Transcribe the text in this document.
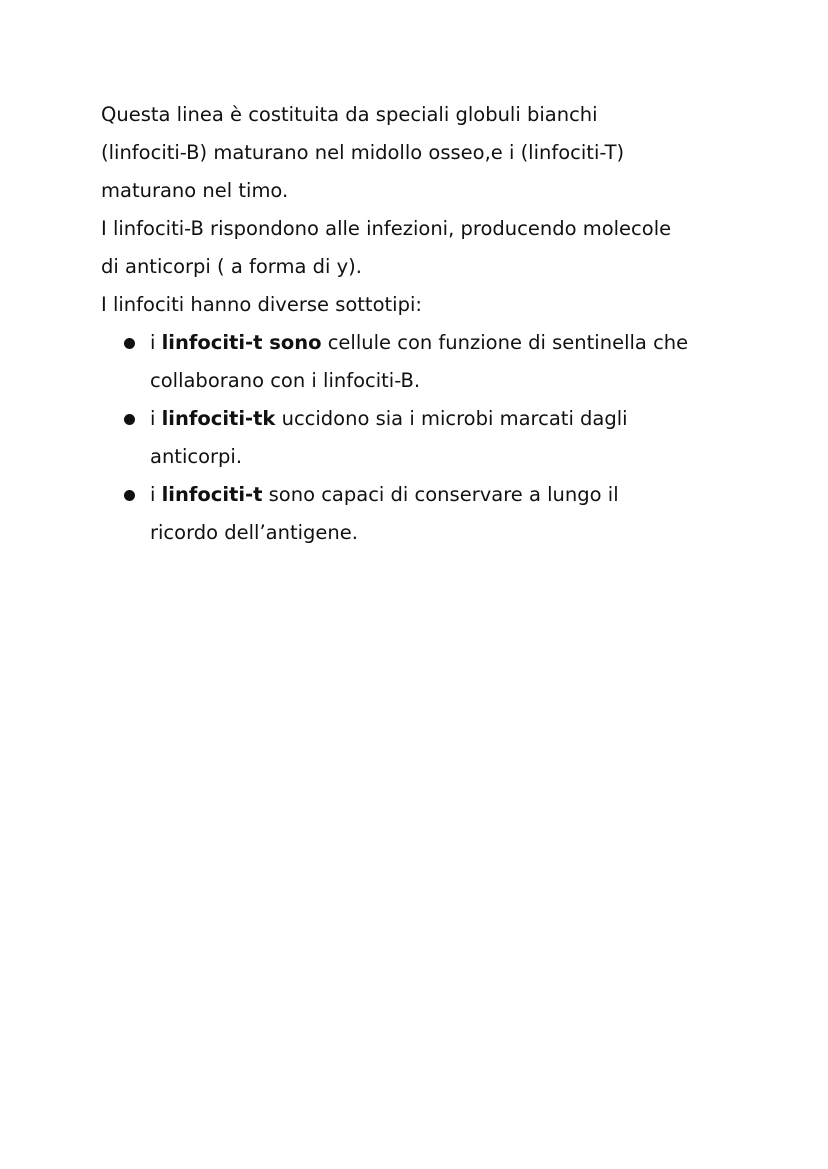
Questa linea è costituita da speciali globuli bianchi

(linfociti-B) maturano nel midollo osseo,e i (linfociti-T)

maturano nel timo.

I linfociti-B rispondono alle infezioni, producendo molecole

di anticorpi ( a forma di y).

I linfociti hanno diverse sottotipi:

i linfociti-t sono cellule con funzione di sentinella che
collaborano con i linfociti-B.
i linfociti-tk uccidono sia i microbi marcati dagli
anticorpi.
i linfociti-t sono capaci di conservare a lungo il
ricordo dell’antigene.
